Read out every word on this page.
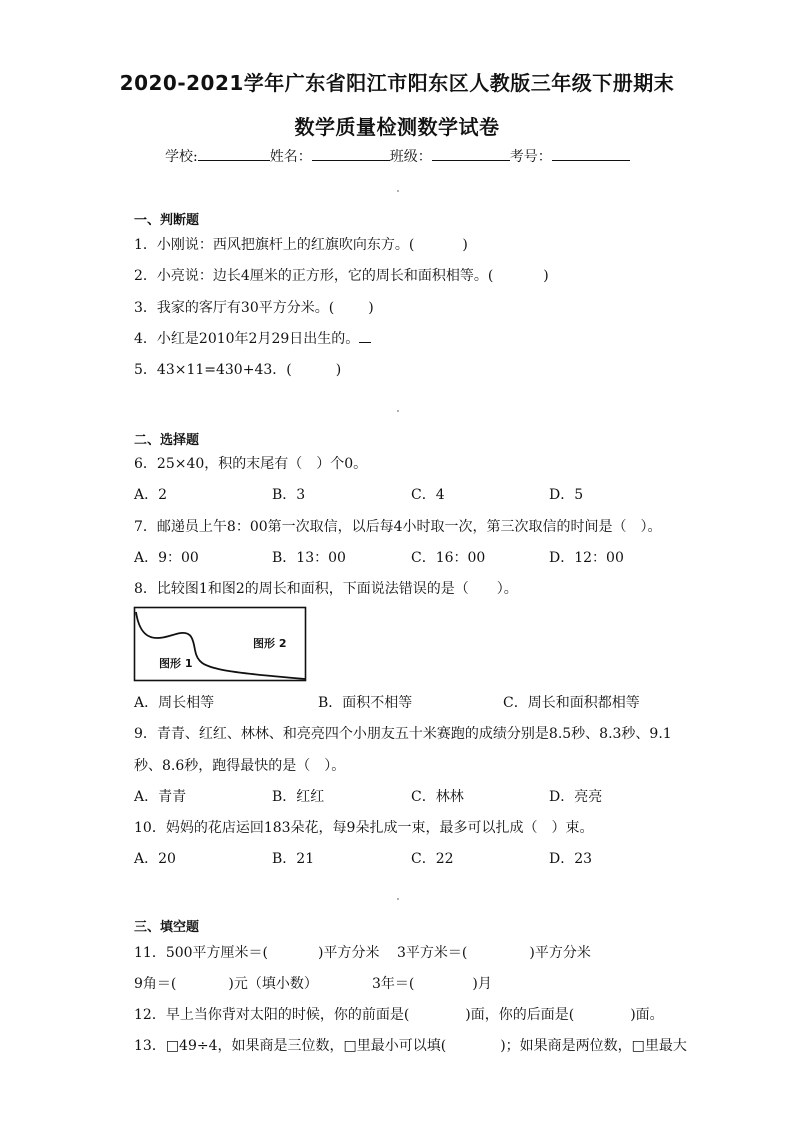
2020-2021学年广东省阳江市阳东区人教版三年级下册期末
数学质量检测数学试卷
学校:	姓名：	班级：	考号：
一、判断题
1．小刚说：西风把旗杆上的红旗吹向东方。(	)
2．小亮说：边长4厘米的正方形，它的周长和面积相等。(	)
3．我家的客厅有30平方分米。( )
4．小红是2010年2月29日出生的。
5．43×11=430+43．(	)
二、选择题
6．25×40，积的末尾有（　）个0。
A．2	B．3	C．4	D．5
7．邮递员上午8：00第一次取信，以后每4小时取一次，第三次取信的时间是（　）。
A．9：00	B．13：00	C．16：00	D．12：00
8．比较图1和图2的周长和面积，下面说法错误的是（　　）。
图形 1
图形 2
A．周长相等	B．面积不相等	C．周长和面积都相等
9．青青、红红、林林、和亮亮四个小朋友五十米赛跑的成绩分别是8.5秒、8.3秒、9.1
秒、8.6秒，跑得最快的是（　）。
A．青青	B．红红	C．林林	D．亮亮
10．妈妈的花店运回183朵花，每9朵扎成一束，最多可以扎成（　）束。
A．20	B．21	C．22	D．23
三、填空题
11．500平方厘米＝(	)平方分米 3平方米＝(	)平方分米
9角＝(	)元（填小数）	3年＝(	)月
12．早上当你背对太阳的时候，你的前面是(	)面，你的后面是(	)面。
13．□49÷4，如果商是三位数，□里最小可以填(	)；如果商是两位数，□里最大
